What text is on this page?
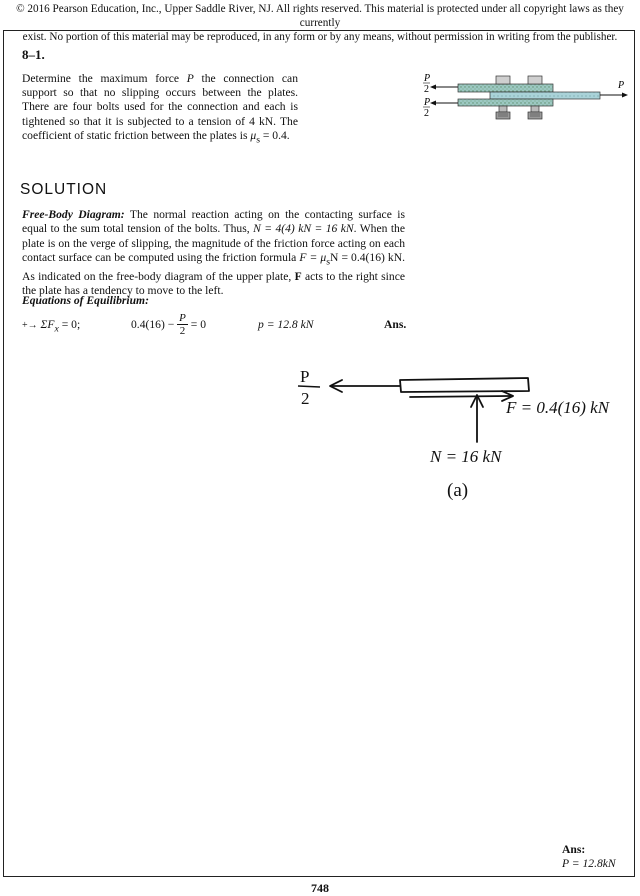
© 2016 Pearson Education, Inc., Upper Saddle River, NJ. All rights reserved. This material is protected under all copyright laws as they currently
exist. No portion of this material may be reproduced, in any form or by any means, without permission in writing from the publisher.
8–1.
Determine the maximum force P the connection can support so that no slipping occurs between the plates. There are four bolts used for the connection and each is tightened so that it is subjected to a tension of 4 kN. The coefficient of static friction between the plates is $\mu_s = 0.4$.
P
2
P
2
P
SOLUTION
Free-Body Diagram: The normal reaction acting on the contacting surface is equal to the sum total tension of the bolts. Thus, N = 4(4) kN = 16 kN. When the plate is on the verge of slipping, the magnitude of the friction force acting on each contact surface can be computed using the friction formula $F = \mu_sN = 0.4(16)$ kN. As indicated on the free-body diagram of the upper plate, F acts to the right since the plate has a tendency to move to the left.
Equations of Equilibrium:
+→ $\Sigma F_x = 0$;	$0.4(16) - \frac{P}{2} = 0$	p = 12.8 kN	Ans.
P
2	F = 0.4(16) kN
N = 16 kN
(a)
Ans:
P = 12.8kN
748
